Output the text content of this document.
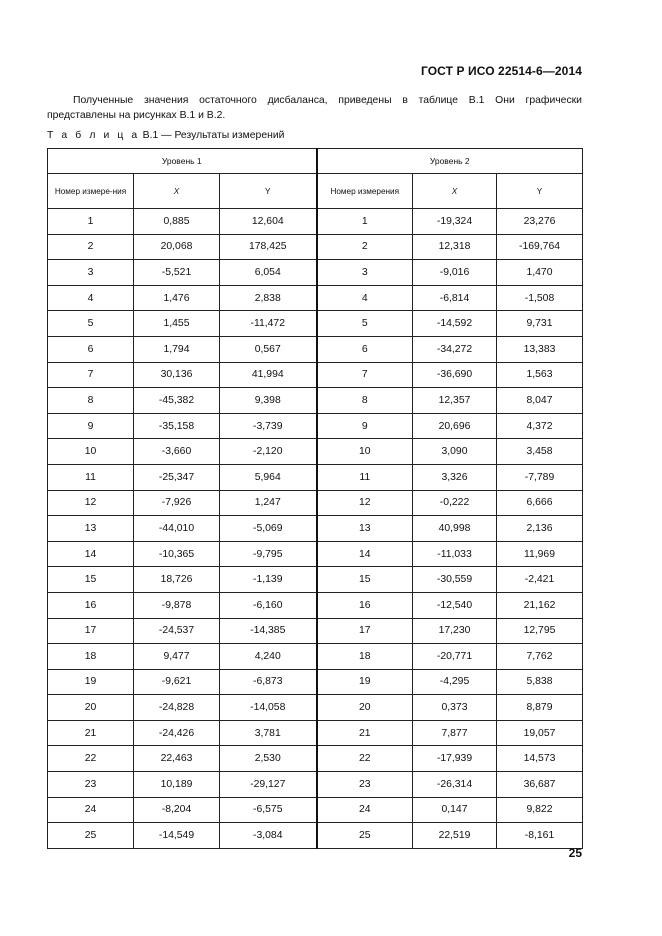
ГОСТ Р ИСО 22514-6—2014

Полученные значения остаточного дисбаланса, приведены в таблице В.1 Они графически представлены на рисунках В.1 и В.2.

Т а б л и ц а В.1 — Результаты измерений
Уровень 1			Уровень 2		
Номер измере-ния	X	Y	Номер измерения	X	Y
1	0,885	12,604	1	-19,324	23,276
2	20,068	178,425	2	12,318	-169,764
3	-5,521	6,054	3	-9,016	1,470
4	1,476	2,838	4	-6,814	-1,508
5	1,455	-11,472	5	-14,592	9,731
6	1,794	0,567	6	-34,272	13,383
7	30,136	41,994	7	-36,690	1,563
8	-45,382	9,398	8	12,357	8,047
9	-35,158	-3,739	9	20,696	4,372
10	-3,660	-2,120	10	3,090	3,458
11	-25,347	5,964	11	3,326	-7,789
12	-7,926	1,247	12	-0,222	6,666
13	-44,010	-5,069	13	40,998	2,136
14	-10,365	-9,795	14	-11,033	11,969
15	18,726	-1,139	15	-30,559	-2,421
16	-9,878	-6,160	16	-12,540	21,162
17	-24,537	-14,385	17	17,230	12,795
18	9,477	4,240	18	-20,771	7,762
19	-9,621	-6,873	19	-4,295	5,838
20	-24,828	-14,058	20	0,373	8,879
21	-24,426	3,781	21	7,877	19,057
22	22,463	2,530	22	-17,939	14,573
23	10,189	-29,127	23	-26,314	36,687
24	-8,204	-6,575	24	0,147	9,822
25	-14,549	-3,084	25	22,519	-8,161
25
